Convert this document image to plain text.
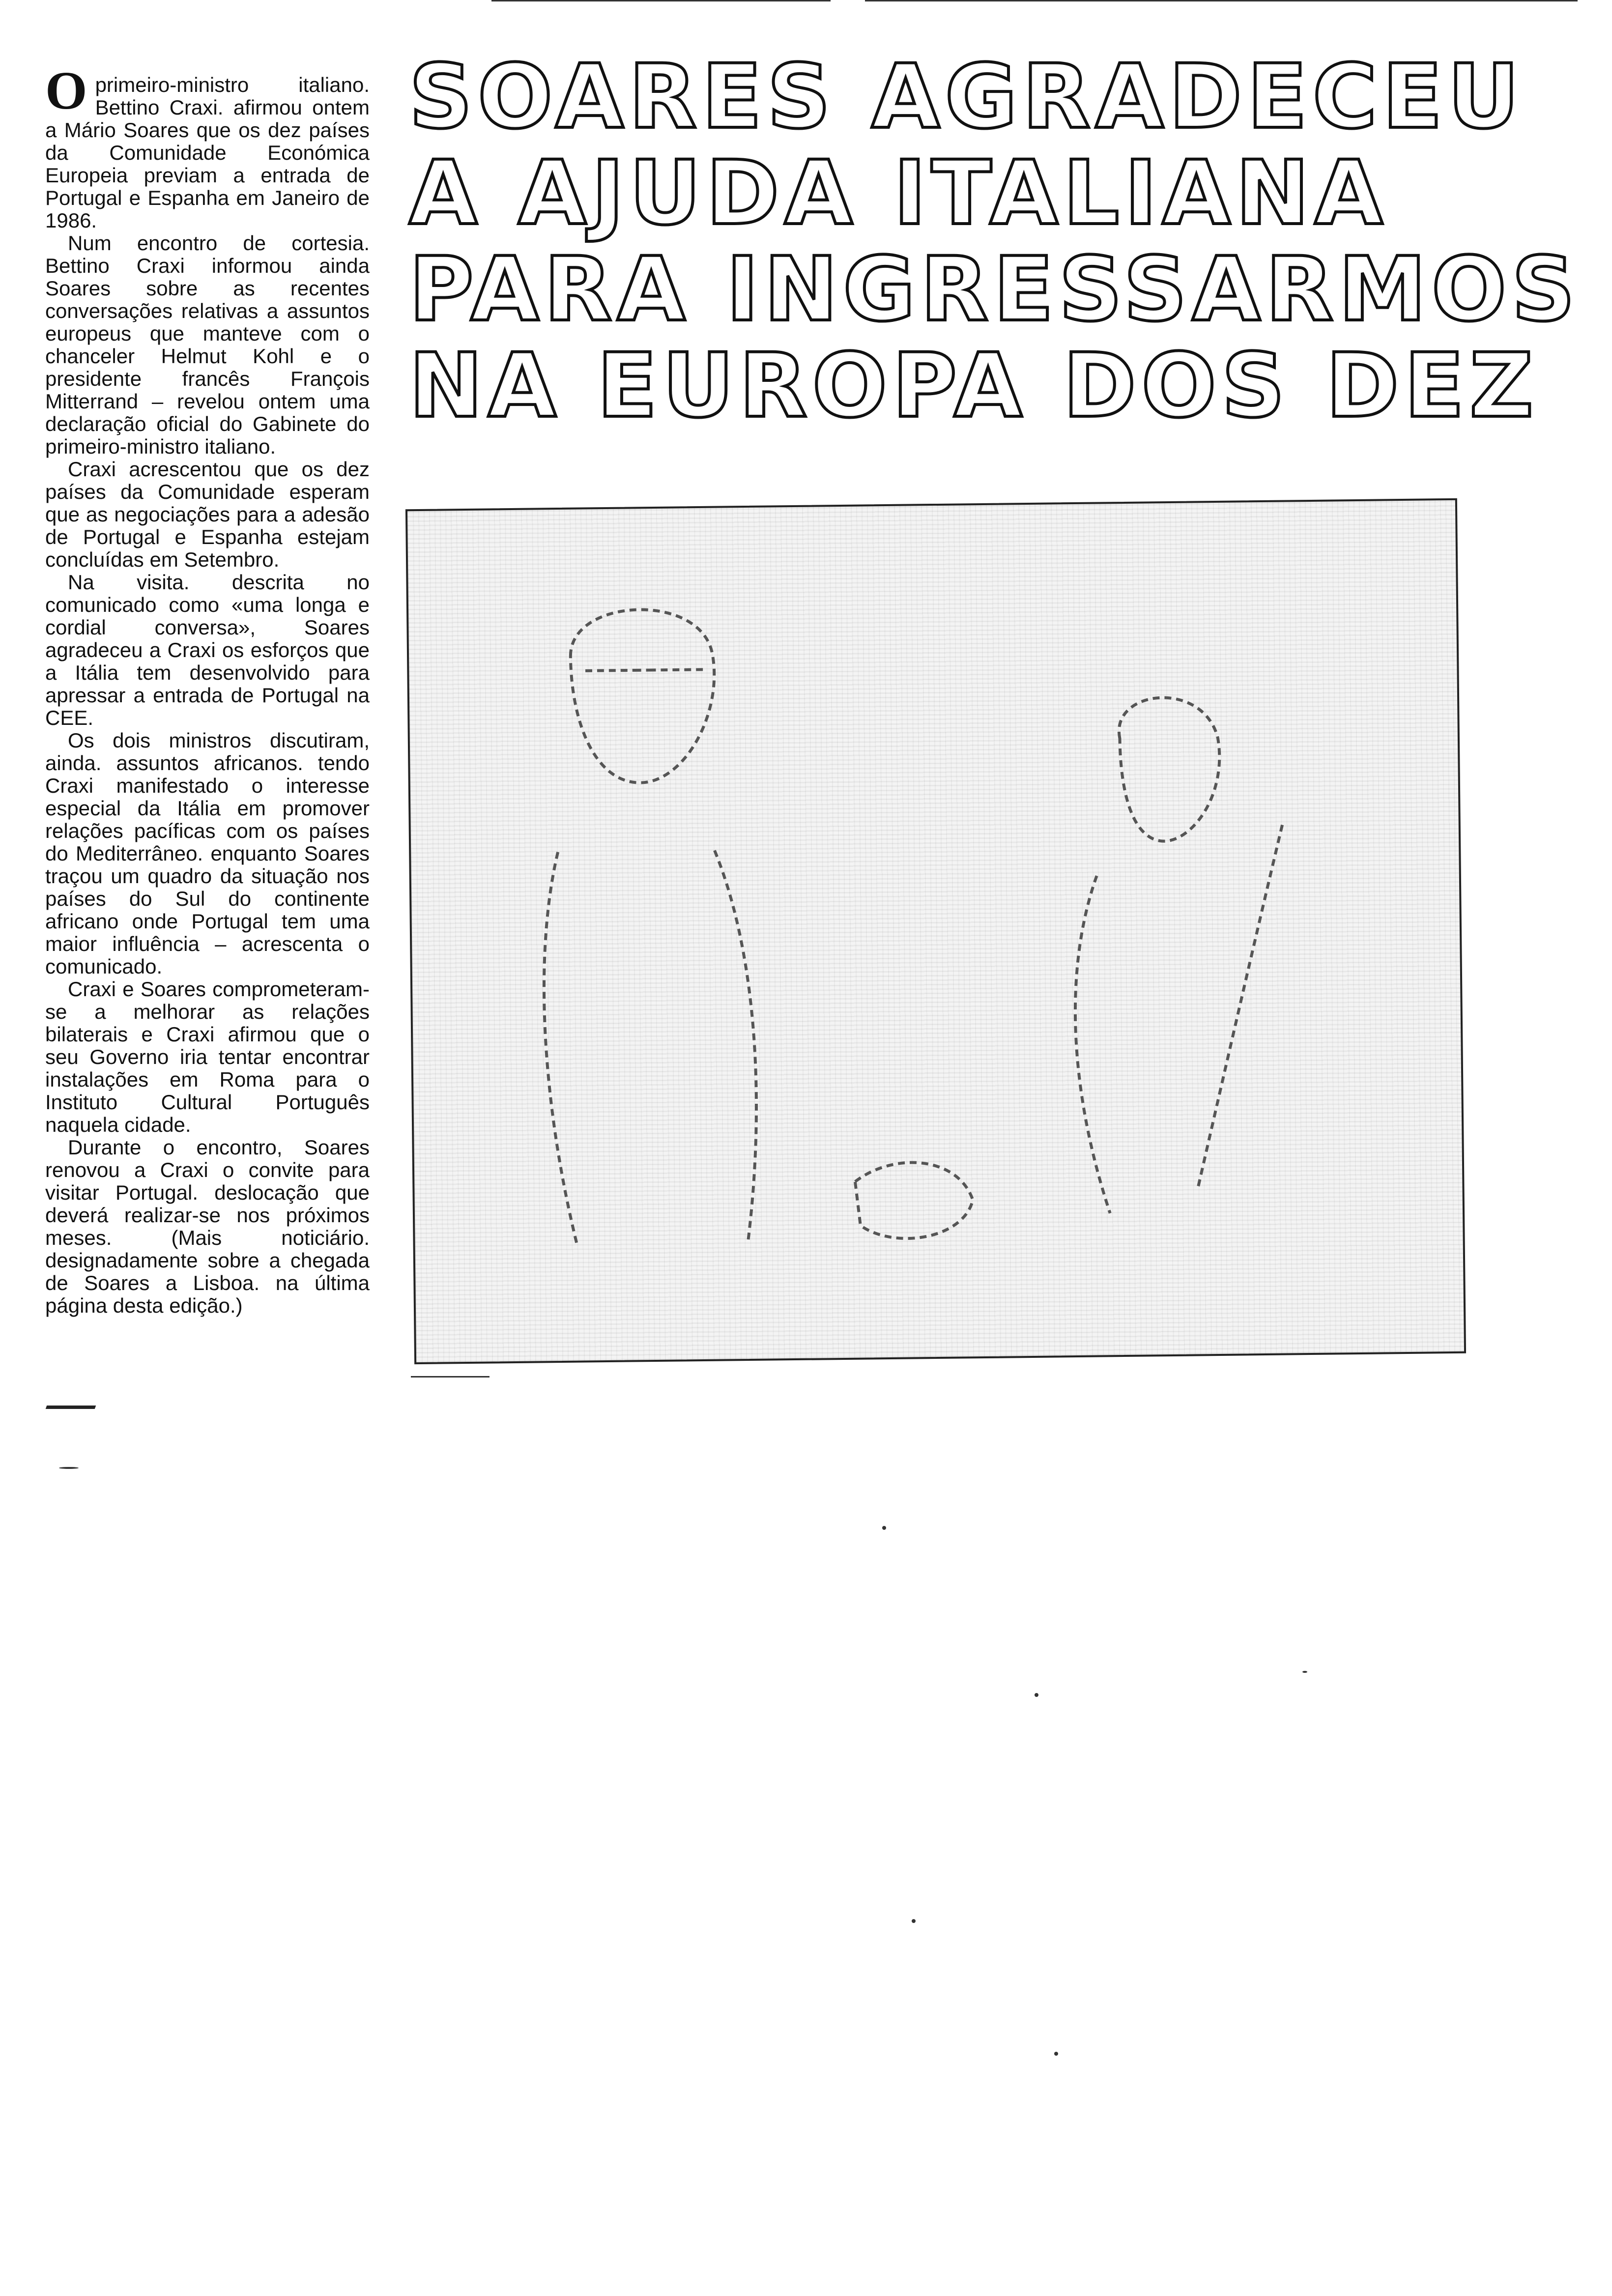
Oprimeiro-ministro italiano. Bettino Craxi. afirmou ontem a Mário Soares que os dez países da Comunidade Económica Europeia previam a entrada de Portugal e Espanha em Janeiro de 1986.

Num encontro de cortesia. Bettino Craxi informou ainda Soares sobre as recentes conversações relativas a assuntos europeus que manteve com o chanceler Helmut Kohl e o presidente francês François Mitterrand – revelou ontem uma declaração oficial do Gabinete do primeiro-ministro italiano.

Craxi acrescentou que os dez países da Comunidade esperam que as negociações para a adesão de Portugal e Espanha estejam concluídas em Setembro.

Na visita. descrita no comunicado como «uma longa e cordial conversa», Soares agradeceu a Craxi os esforços que a Itália tem desenvolvido para apressar a entrada de Portugal na CEE.

Os dois ministros discutiram, ainda. assuntos africanos. tendo Craxi manifestado o interesse especial da Itália em promover relações pacíficas com os países do Mediterrâneo. enquanto Soares traçou um quadro da situação nos países do Sul do continente africano onde Portugal tem uma maior influência – acrescenta o comunicado.

Craxi e Soares comprometeram-se a melhorar as relações bilaterais e Craxi afirmou que o seu Governo iria tentar encontrar instalações em Roma para o Instituto Cultural Português naquela cidade.

Durante o encontro, Soares renovou a Craxi o convite para visitar Portugal. deslocação que deverá realizar-se nos próximos meses. (Mais noticiário. designadamente sobre a chegada de Soares a Lisboa. na última página desta edição.)

SOARES AGRADECEU
A AJUDA ITALIANA
PARA INGRESSARMOS
NA EUROPA DOS DEZ
